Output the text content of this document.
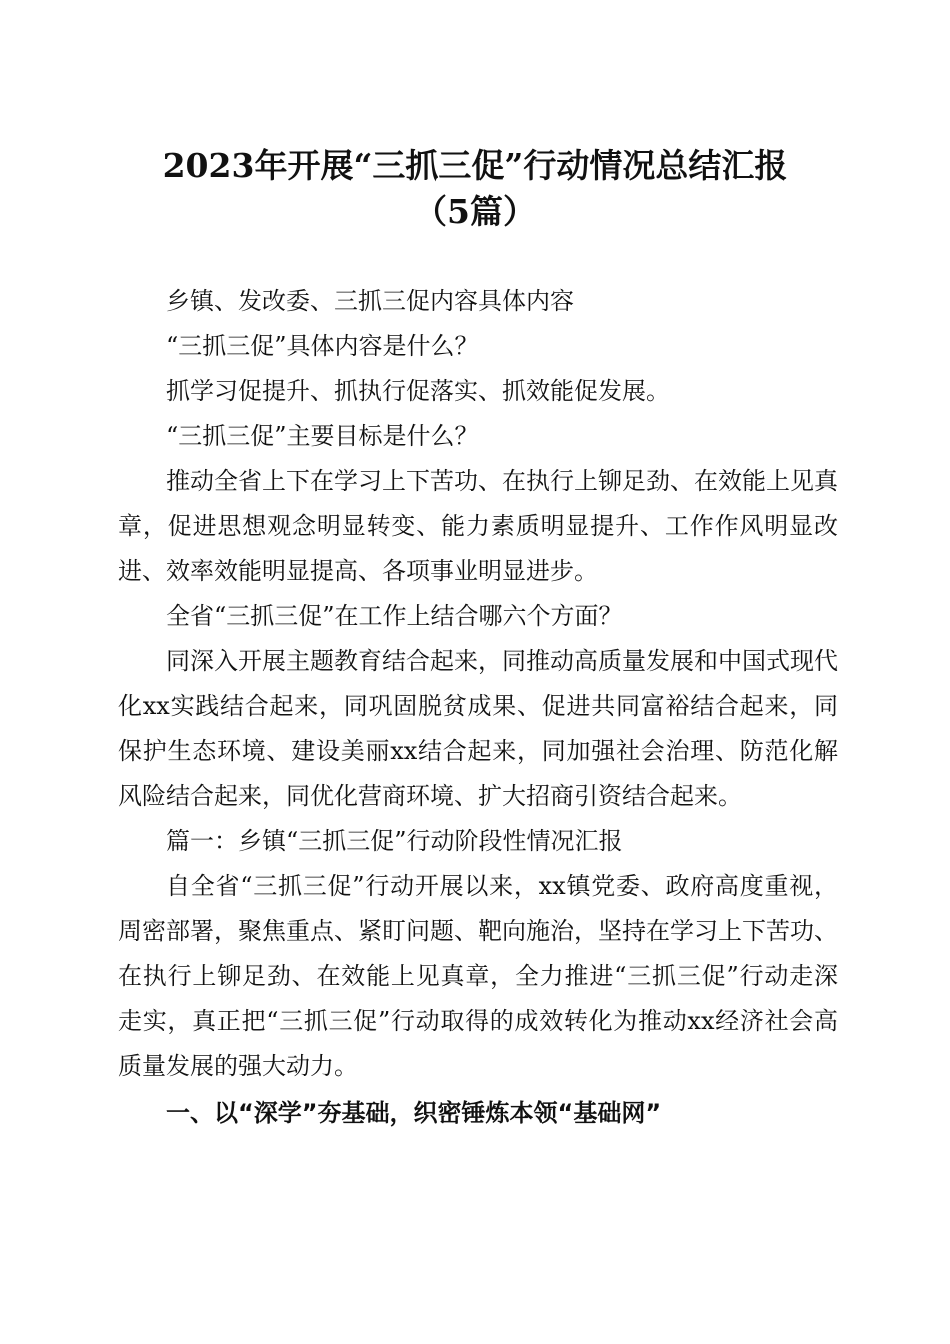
2023年开展“三抓三促”行动情况总结汇报
（5篇）

乡镇、发改委、三抓三促内容具体内容

“三抓三促”具体内容是什么？

抓学习促提升、抓执行促落实、抓效能促发展。

“三抓三促”主要目标是什么？

推动全省上下在学习上下苦功、在执行上铆足劲、在效能上见真章，促进思想观念明显转变、能力素质明显提升、工作作风明显改进、效率效能明显提高、各项事业明显进步。

全省“三抓三促”在工作上结合哪六个方面？

同深入开展主题教育结合起来，同推动高质量发展和中国式现代化xx实践结合起来，同巩固脱贫成果、促进共同富裕结合起来，同保护生态环境、建设美丽xx结合起来，同加强社会治理、防范化解风险结合起来，同优化营商环境、扩大招商引资结合起来。

篇一：乡镇“三抓三促”行动阶段性情况汇报

自全省“三抓三促”行动开展以来，xx镇党委、政府高度重视，周密部署，聚焦重点、紧盯问题、靶向施治，坚持在学习上下苦功、在执行上铆足劲、在效能上见真章，全力推进“三抓三促”行动走深走实，真正把“三抓三促”行动取得的成效转化为推动xx经济社会高质量发展的强大动力。

一、以“深学”夯基础，织密锤炼本领“基础网”
